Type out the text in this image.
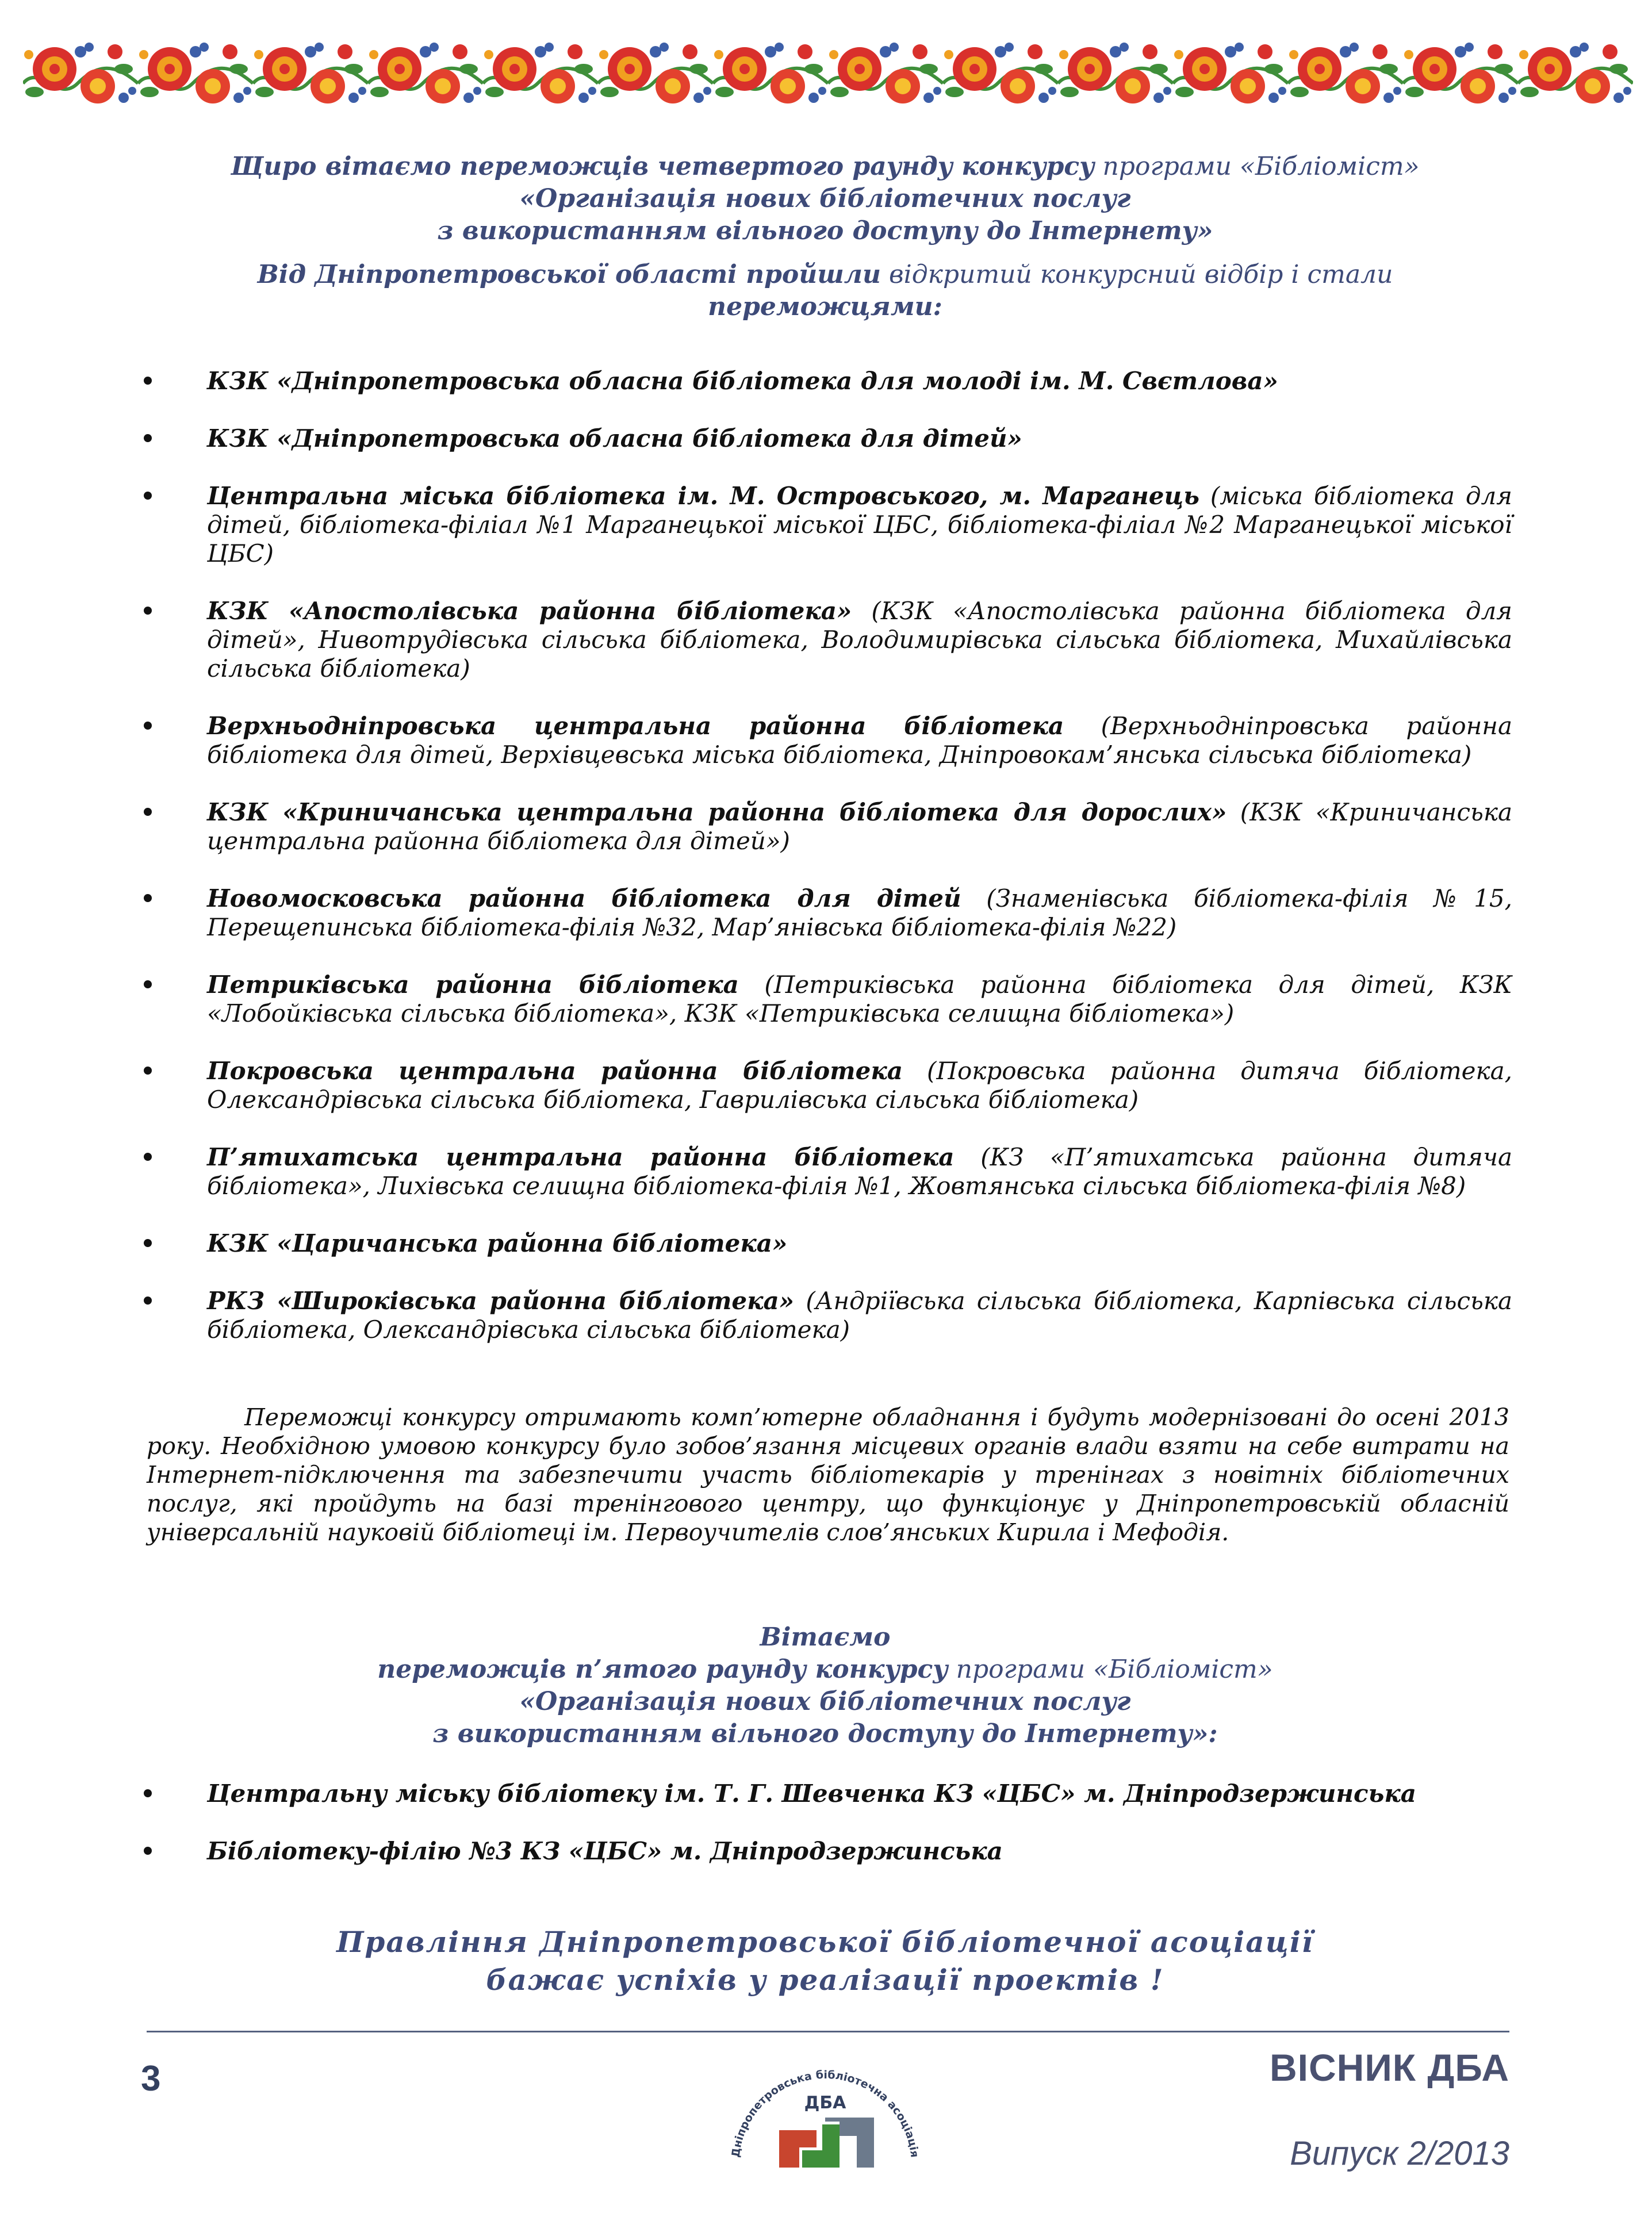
Щиро вітаємо переможців четвертого раунду конкурсу програми «Бібліоміст»
«Організація нових бібліотечних послуг
з використанням вільного доступу до Інтернету»
Від Дніпропетровської області пройшли відкритий конкурсний відбір і стали
переможцями:
КЗК «Дніпропетровська обласна бібліотека для молоді ім. М. Свєтлова»
КЗК «Дніпропетровська обласна бібліотека для дітей»
Центральна міська бібліотека ім. М. Островського, м. Марганець (міська бібліотека для дітей, бібліотека-філіал №1 Марганецької міської ЦБС, бібліотека-філіал №2 Марганецької міської ЦБС)
КЗК «Апостолівська районна бібліотека» (КЗК «Апостолівська районна бібліотека для дітей», Нивотрудівська сільська бібліотека, Володимирівська сільська бібліотека, Михайлівська сільська бібліотека)
Верхньодніпровська центральна районна бібліотека (Верхньодніпровська районна бібліотека для дітей, Верхівцевська міська бібліотека, Дніпровокам’янська сільська бібліотека)
КЗК «Криничанська центральна районна бібліотека для дорослих» (КЗК «Криничанська центральна районна бібліотека для дітей»)
Новомосковська районна бібліотека для дітей (Знаменівська бібліотека-філія №15, Перещепинська бібліотека-філія №32, Мар’янівська бібліотека-філія №22)
Петриківська районна бібліотека (Петриківська районна бібліотека для дітей, КЗК «Лобойківська сільська бібліотека», КЗК «Петриківська селищна бібліотека»)
Покровська центральна районна бібліотека (Покровська районна дитяча бібліотека, Олександрівська сільська бібліотека, Гаврилівська сільська бібліотека)
П’ятихатська центральна районна бібліотека (КЗ «П’ятихатська районна дитяча бібліотека», Лихівська селищна бібліотека-філія №1, Жовтянська сільська бібліотека-філія №8)
КЗК «Царичанська районна бібліотека»
РКЗ «Широківська районна бібліотека» (Андріївська сільська бібліотека, Карпівська сільська бібліотека, Олександрівська сільська бібліотека)
Переможці конкурсу отримають комп’ютерне обладнання і будуть модернізовані до осені 2013 року. Необхідною умовою конкурсу було зобов’язання місцевих органів влади взяти на себе витрати на Інтернет-підключення та забезпечити участь бібліотекарів у тренінгах з новітніх бібліотечних послуг, які пройдуть на базі тренінгового центру, що функціонує у Дніпропетровській обласній універсальній науковій бібліотеці ім. Первоучителів слов’янських Кирила і Мефодія.
Вітаємо
переможців п’ятого раунду конкурсу програми «Бібліоміст»
«Організація нових бібліотечних послуг
з використанням вільного доступу до Інтернету»:
Центральну міську бібліотеку ім. Т. Г. Шевченка КЗ «ЦБС» м. Дніпродзержинська
Бібліотеку-філію №3 КЗ «ЦБС» м. Дніпродзержинська
Правління Дніпропетровської бібліотечної асоціації
бажає успіхів у реалізації проектів !
3
Дніпропетровська бібліотечна асоціація
ДБА
ВІСНИК ДБА
Випуск 2/2013
